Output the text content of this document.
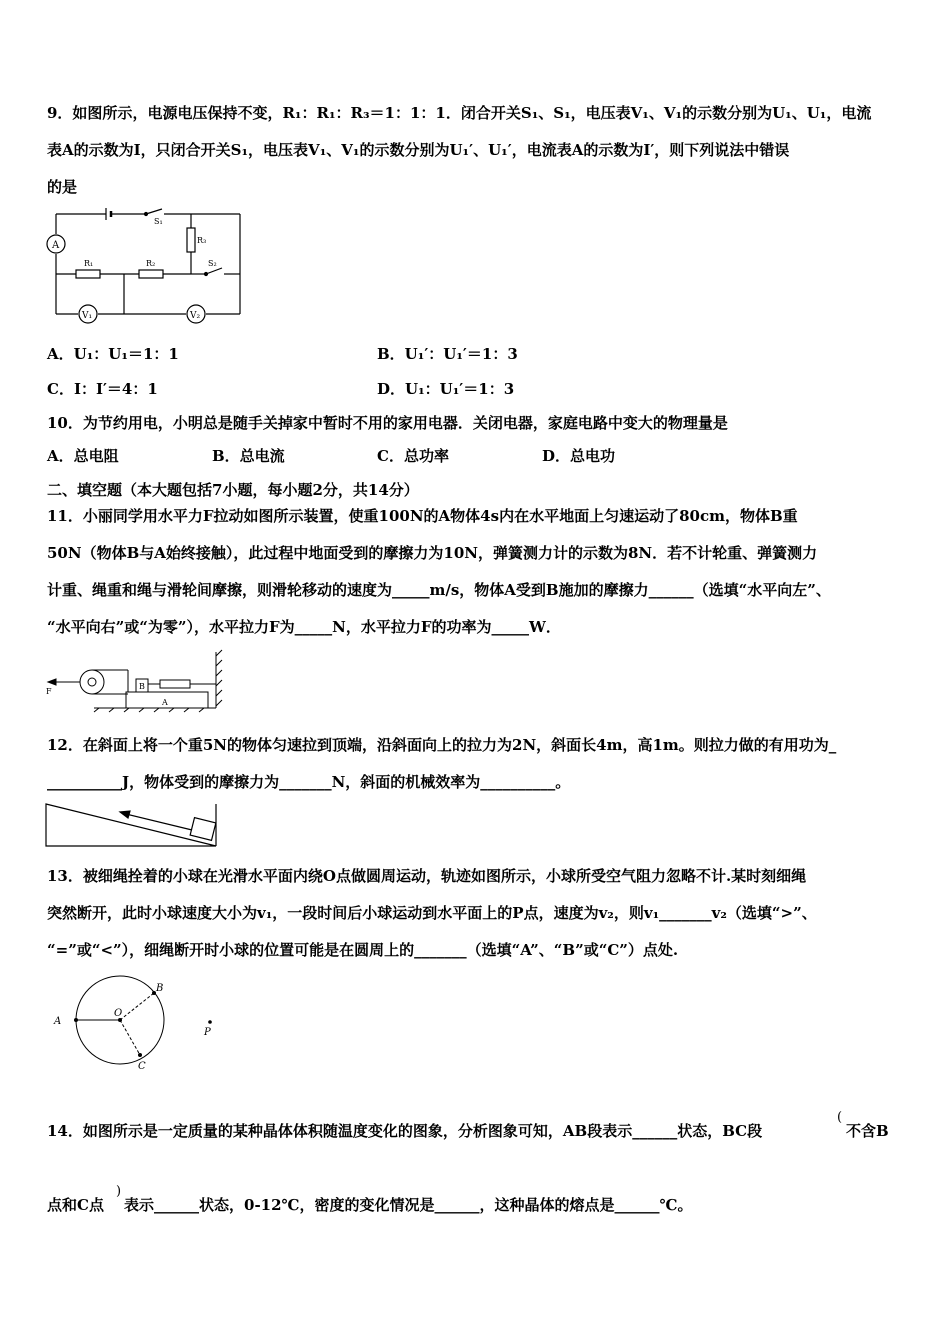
9．如图所示，电源电压保持不变，R₁：R₁：R₃＝1：1：1．闭合开关S₁、S₁，电压表V₁、V₁的示数分别为U₁、U₁，电流
表A的示数为I，只闭合开关S₁，电压表V₁、V₁的示数分别为U₁′、U₁′，电流表A的示数为I′，则下列说法中错误
的是
A
R₁	R₂
R₃
S₁
S₂
V₁	V₂
A．U₁：U₁＝1：1	B．U₁′：U₁′＝1：3
C．I：I′＝4：1	D．U₁：U₁′＝1：3
10．为节约用电，小明总是随手关掉家中暂时不用的家用电器．关闭电器，家庭电路中变大的物理量是
A．总电阻	B．总电流	C．总功率	D．总电功
二、填空题（本大题包括7小题，每小题2分，共14分）
11．小丽同学用水平力F拉动如图所示装置，使重100N的A物体4s内在水平地面上匀速运动了80cm，物体B重
50N（物体B与A始终接触），此过程中地面受到的摩擦力为10N，弹簧测力计的示数为8N．若不计轮重、弹簧测力
计重、绳重和绳与滑轮间摩擦，则滑轮移动的速度为_____m/s，物体A受到B施加的摩擦力______（选填“水平向左”、
“水平向右”或“为零”），水平拉力F为_____N，水平拉力F的功率为_____W．
F
A
B
12．在斜面上将一个重5N的物体匀速拉到顶端，沿斜面向上的拉力为2N，斜面长4m，高1m。则拉力做的有用功为_
__________J，物体受到的摩擦力为_______N，斜面的机械效率为__________。
13．被细绳拴着的小球在光滑水平面内绕O点做圆周运动，轨迹如图所示，小球所受空气阻力忽略不计.某时刻细绳
突然断开，此时小球速度大小为v₁，一段时间后小球运动到水平面上的P点，速度为v₂，则v₁_______v₂（选填“>”、
“=”或“<”），细绳断开时小球的位置可能是在圆周上的_______（选填“A”、“B”或“C”）点处.
A
B
C
O
P
14．如图所示是一定质量的某种晶体体积随温度变化的图象，分析图象可知，AB段表示______状态，BC段
(
不含B
点和C点
)
表示______状态，0-12℃，密度的变化情况是______，这种晶体的熔点是______℃。
